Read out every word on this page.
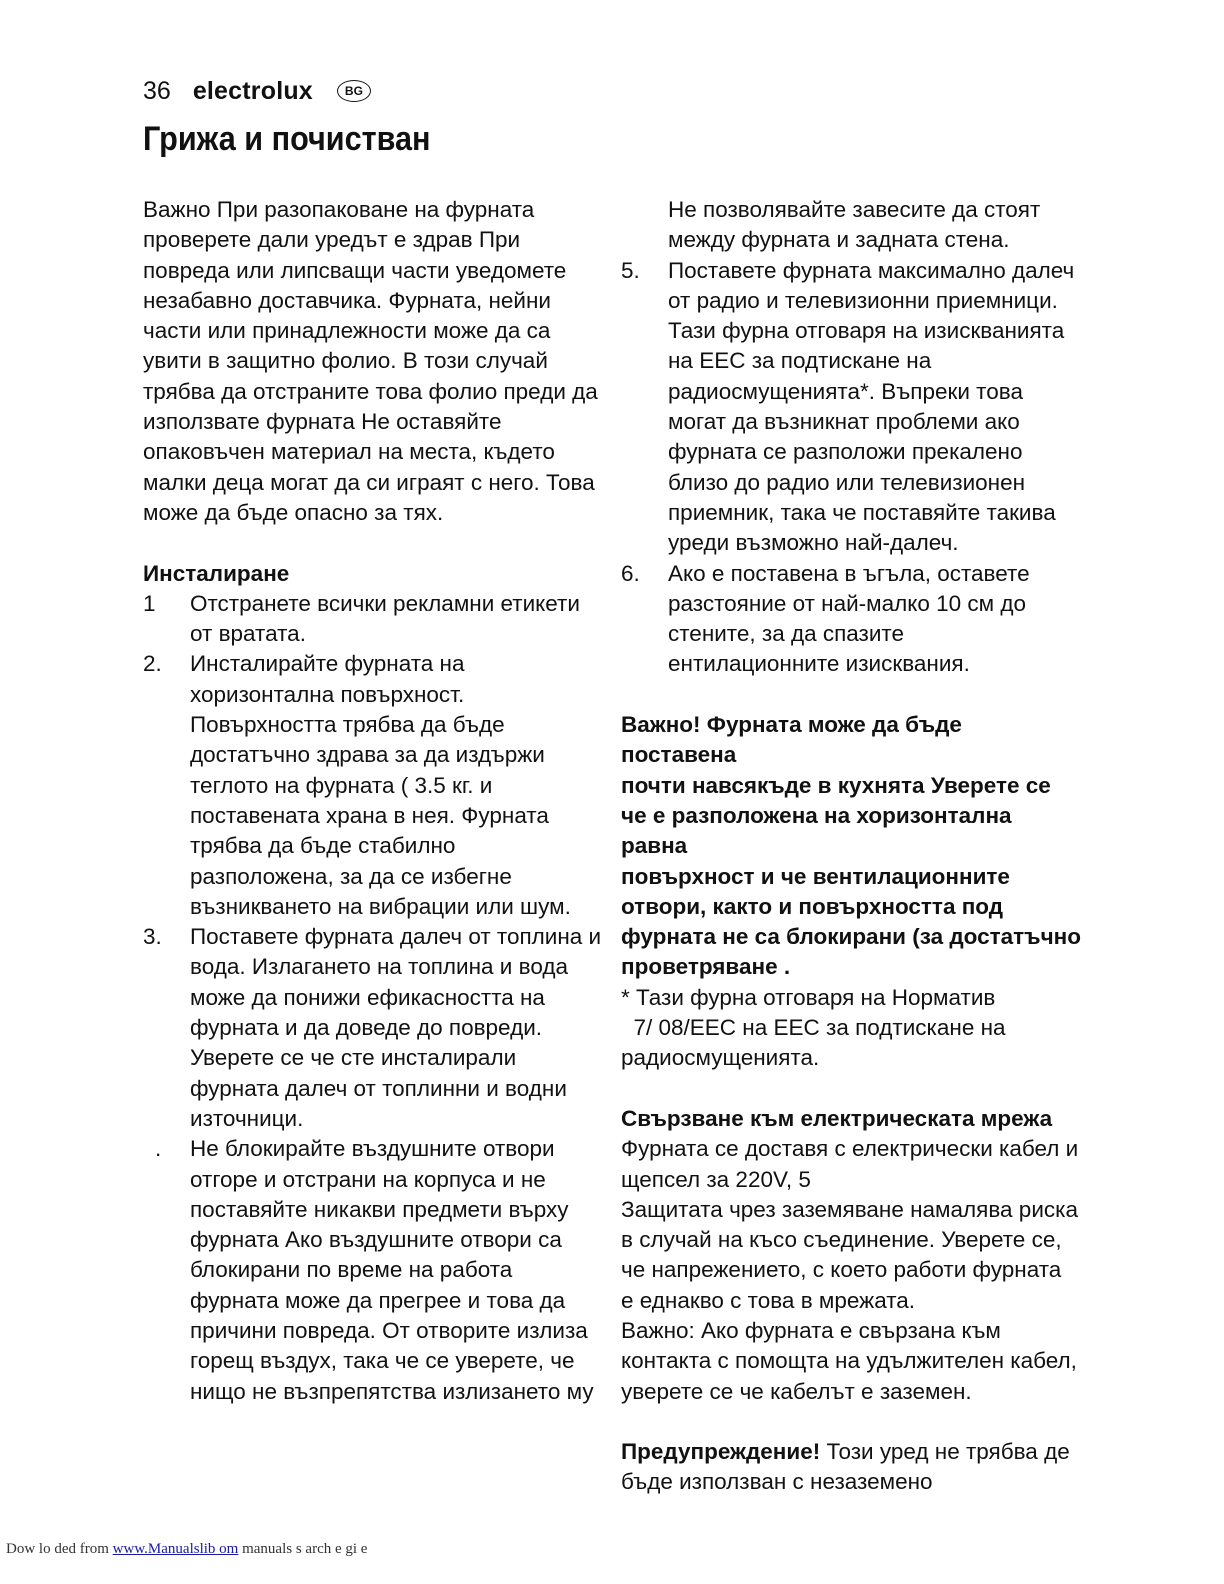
36 electrolux	BG
Грижа и почистван

Важно При разопаковане на фурната

проверете дали уредът е здрав При

повреда или липсващи части уведомете

незабавно доставчика. Фурната, нейни

части или принадлежности може да са

увити в защитно фолио. В този случай

трябва да отстраните това фолио преди да

използвате фурната Не оставяйте

опаковъчен материал на места, където

малки деца могат да си играят с него. Това

може да бъде опасно за тях.

Инсталиране

1	Отстранете всички рекламни етикети

от вратата.

2.	Инсталирайте фурната на

хоризонтална повърхност.

Повърхността трябва да бъде

достатъчно здрава за да издържи

теглото на фурната ( 3.5 кг. и

поставената храна в нея. Фурната

трябва да бъде стабилно

разположена, за да се избегне

възникването на вибрации или шум.

3.	Поставете фурната далеч от топлина и

вода. Излагането на топлина и вода

може да понижи ефикасността на

фурната и да доведе до повреди.

Уверете се че сте инсталирали

фурната далеч от топлинни и водни

източници.

.	Не блокирайте въздушните отвори

отгоре и отстрани на корпуса и не

поставяйте никакви предмети върху

фурната Ако въздушните отвори са

блокирани по време на работа

фурната може да прегрее и това да

причини повреда. От отворите излиза

горещ въздух, така че се уверете, че

нищо не възпрепятства излизането му

Не позволявайте завесите да стоят

между фурната и задната стена.

5.	Поставете фурната максимално далеч

от радио и телевизионни приемници.

Тази фурна отговаря на изискванията

на ЕЕС за подтискане на

радиосмущенията*. Въпреки това

могат да възникнат проблеми ако

фурната се разположи прекалено

близо до радио или телевизионен

приемник, така че поставяйте такива

уреди възможно най-далеч.

6.	Ако е поставена в ъгъла, оставете

разстояние от най-малко 10 см до

стените, за да спазите

ентилационните изисквания.

Важно! Фурната може да бъде поставена

почти навсякъде в кухнята Уверете се

че е разположена на хоризонтална равна

повърхност и че вентилационните

отвори, както и повърхността под

фурната не са блокирани (за достатъчно

проветряване .

* Тази фурна отговаря на Норматив

7/ 08/EEC на ЕЕС за подтискане на

радиосмущенията.

Свързване към електрическата мрежа

Фурната се доставя с електрически кабел и

щепсел за 220V, 5

Защитата чрез заземяване намалява риска

в случай на късо съединение. Уверете се,

че напрежението, с което работи фурната

е еднакво с това в мрежата.

Важно: Ако фурната е свързана към

контакта с помощта на удължителен кабел,

уверете се че кабелът е заземен.

Предупреждение! Този уред не трябва де

бъде използван с незаземено

Dow lo ded from www.Manualslib om manuals s arch e gi e
